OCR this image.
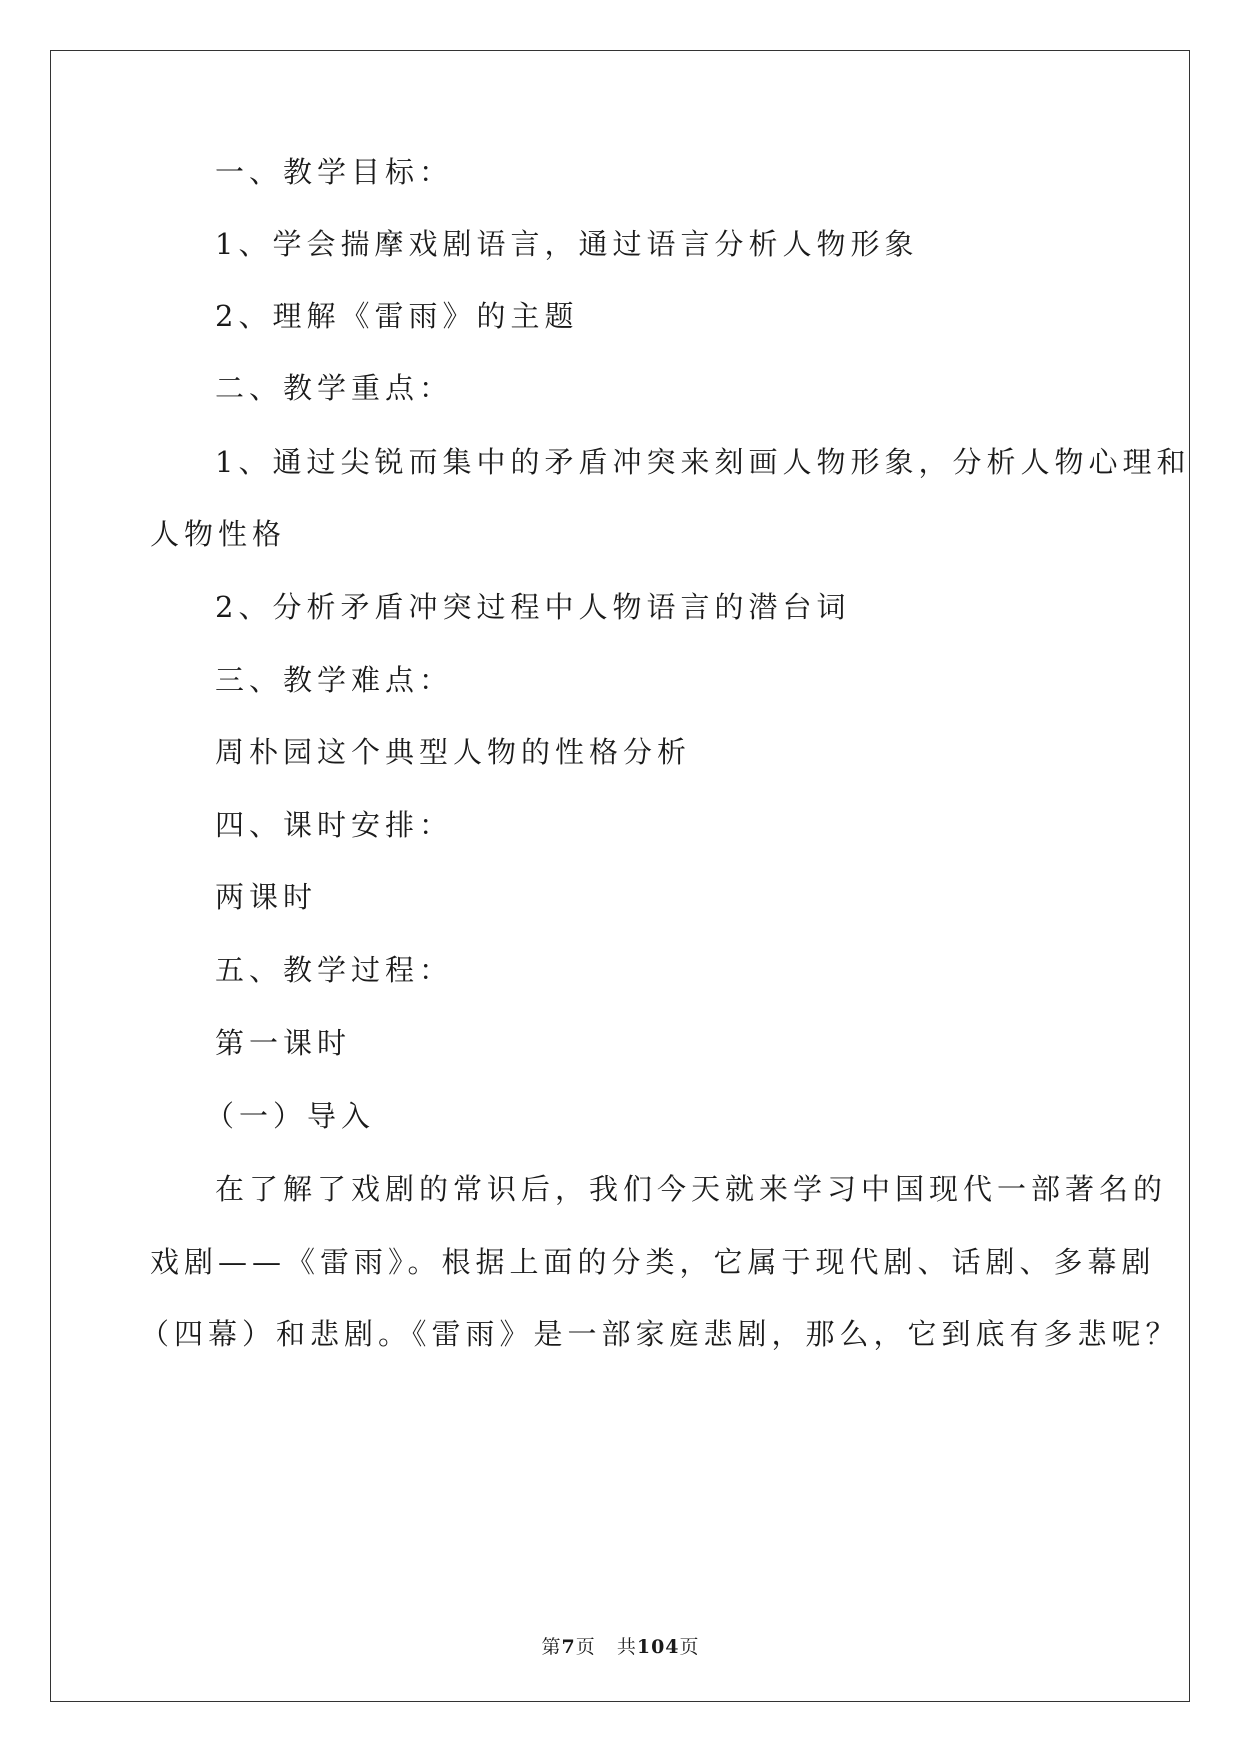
一、教学目标：
1、学会揣摩戏剧语言，通过语言分析人物形象
2、理解《雷雨》的主题
二、教学重点：
1、通过尖锐而集中的矛盾冲突来刻画人物形象，分析人物心理和
人物性格
2、分析矛盾冲突过程中人物语言的潜台词
三、教学难点：
周朴园这个典型人物的性格分析
四、课时安排：
两课时
五、教学过程：
第一课时
（一）导入
在了解了戏剧的常识后，我们今天就来学习中国现代一部著名的
戏剧——《雷雨》。根据上面的分类，它属于现代剧、话剧、多幕剧
（四幕）和悲剧。《雷雨》是一部家庭悲剧，那么，它到底有多悲呢？
第7页 共104页
